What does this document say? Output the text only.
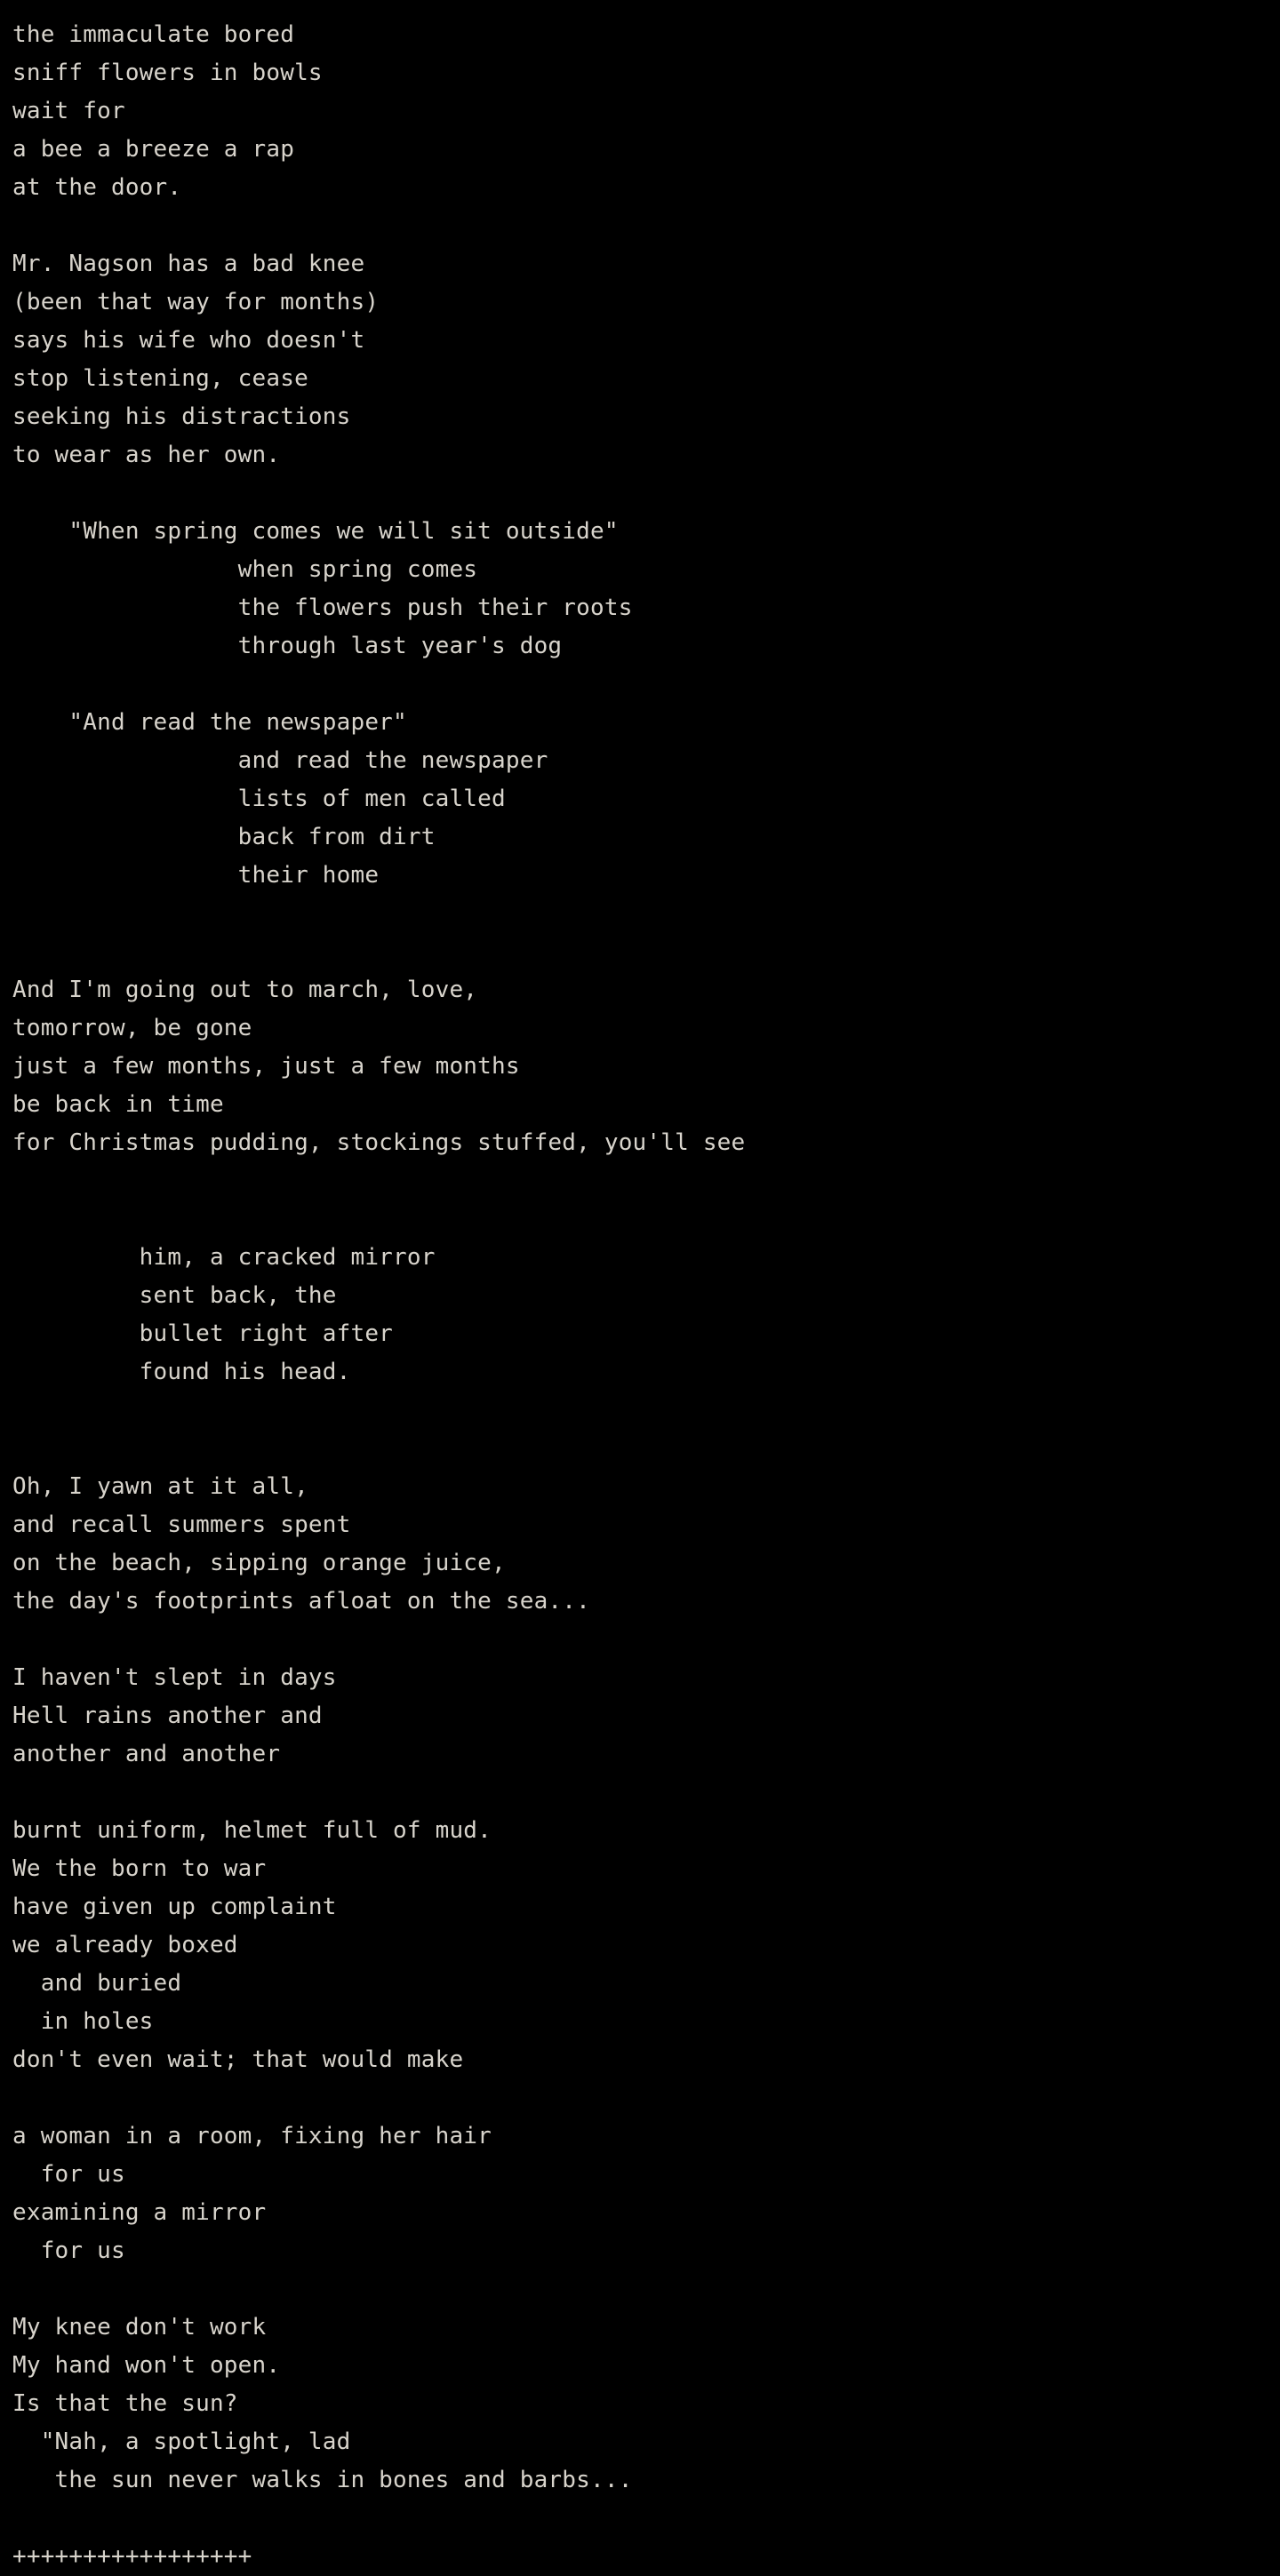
the immaculate bored
sniff flowers in bowls
wait for
a bee a breeze a rap
at the door.

Mr. Nagson has a bad knee
(been that way for months)
says his wife who doesn't
stop listening, cease
seeking his distractions
to wear as her own.

"When spring comes we will sit outside"
when spring comes
the flowers push their roots
through last year's dog

"And read the newspaper"
and read the newspaper
lists of men called
back from dirt
their home

And I'm going out to march, love,
tomorrow, be gone
just a few months, just a few months
be back in time
for Christmas pudding, stockings stuffed, you'll see

him, a cracked mirror
sent back, the
bullet right after
found his head.

Oh, I yawn at it all,
and recall summers spent
on the beach, sipping orange juice,
the day's footprints afloat on the sea...

I haven't slept in days
Hell rains another and
another and another

burnt uniform, helmet full of mud.
We the born to war
have given up complaint
we already boxed
and buried
in holes
don't even wait; that would make

a woman in a room, fixing her hair
for us
examining a mirror
for us

My knee don't work
My hand won't open.
Is that the sun?
"Nah, a spotlight, lad
the sun never walks in bones and barbs...

+++++++++++++++++
